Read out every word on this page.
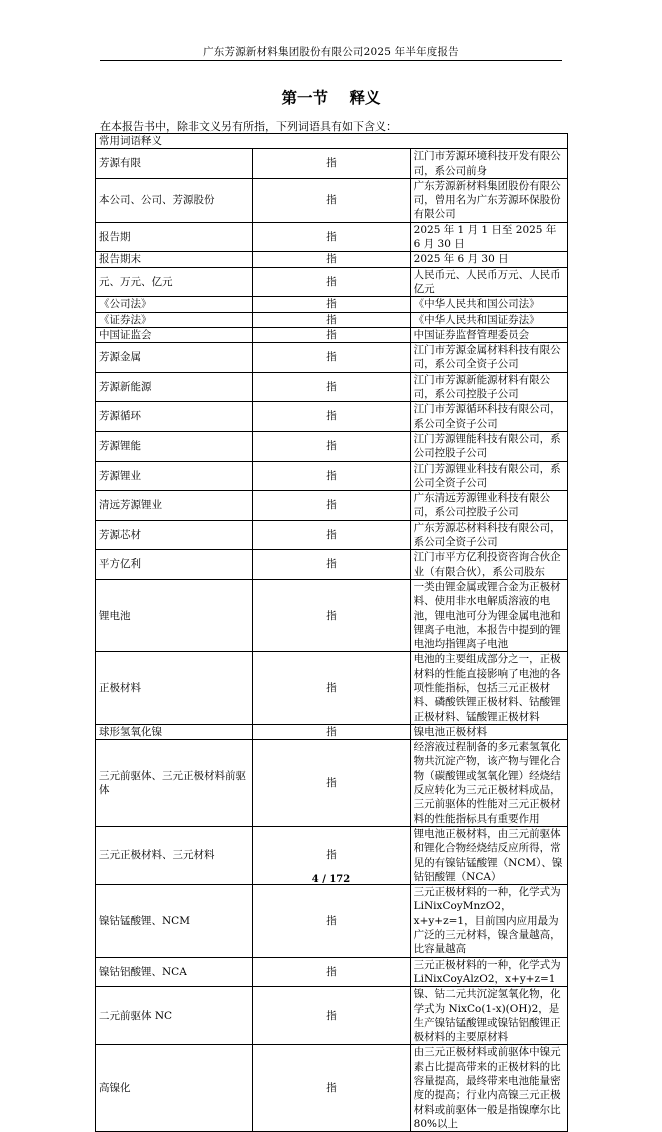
广东芳源新材料集团股份有限公司2025 年半年度报告
第一节    释义
在本报告书中，除非文义另有所指，下列词语具有如下含义：
常用词语释义		
芳源有限	指	江门市芳源环境科技开发有限公司，系公司前身
本公司、公司、芳源股份	指	广东芳源新材料集团股份有限公司，曾用名为广东芳源环保股份有限公司
报告期	指	2025 年 1 月 1 日至 2025 年 6 月 30 日
报告期末	指	2025 年 6 月 30 日
元、万元、亿元	指	人民币元、人民币万元、人民币亿元
《公司法》	指	《中华人民共和国公司法》
《证券法》	指	《中华人民共和国证券法》
中国证监会	指	中国证券监督管理委员会
芳源金属	指	江门市芳源金属材料科技有限公司，系公司全资子公司
芳源新能源	指	江门市芳源新能源材料有限公司，系公司控股子公司
芳源循环	指	江门市芳源循环科技有限公司，系公司全资子公司
芳源锂能	指	江门芳源锂能科技有限公司，系公司控股子公司
芳源锂业	指	江门芳源锂业科技有限公司，系公司全资子公司
清远芳源锂业	指	广东清远芳源锂业科技有限公司，系公司控股子公司
芳源芯材	指	广东芳源芯材料科技有限公司，系公司全资子公司
平方亿利	指	江门市平方亿利投资咨询合伙企业（有限合伙），系公司股东
锂电池	指	一类由锂金属或锂合金为正极材料、使用非水电解质溶液的电池，锂电池可分为锂金属电池和锂离子电池，本报告中提到的锂电池均指锂离子电池
正极材料	指	电池的主要组成部分之一，正极材料的性能直接影响了电池的各项性能指标，包括三元正极材料、磷酸铁锂正极材料、钴酸锂正极材料、锰酸锂正极材料
球形氢氧化镍	指	镍电池正极材料
三元前驱体、三元正极材料前驱体	指	经溶液过程制备的多元素氢氧化物共沉淀产物，该产物与锂化合物（碳酸锂或氢氧化锂）经烧结反应转化为三元正极材料成品，三元前驱体的性能对三元正极材料的性能指标具有重要作用
三元正极材料、三元材料	指	锂电池正极材料，由三元前驱体和锂化合物经烧结反应所得，常见的有镍钴锰酸锂（NCM）、镍钴铝酸锂（NCA）
镍钴锰酸锂、NCM	指	三元正极材料的一种，化学式为 LiNixCoyMnzO2，x+y+z=1，目前国内应用最为广泛的三元材料，镍含量越高，比容量越高
镍钴铝酸锂、NCA	指	三元正极材料的一种，化学式为 LiNixCoyAlzO2，x+y+z=1
二元前驱体 NC	指	镍、钴二元共沉淀氢氧化物，化学式为 NixCo(1-x)(OH)2，是生产镍钴锰酸锂或镍钴铝酸锂正极材料的主要原材料
高镍化	指	由三元正极材料或前驱体中镍元素占比提高带来的正极材料的比容量提高，最终带来电池能量密度的提高；行业内高镍三元正极材料或前驱体一般是指镍摩尔比 80%以上
4 / 172
